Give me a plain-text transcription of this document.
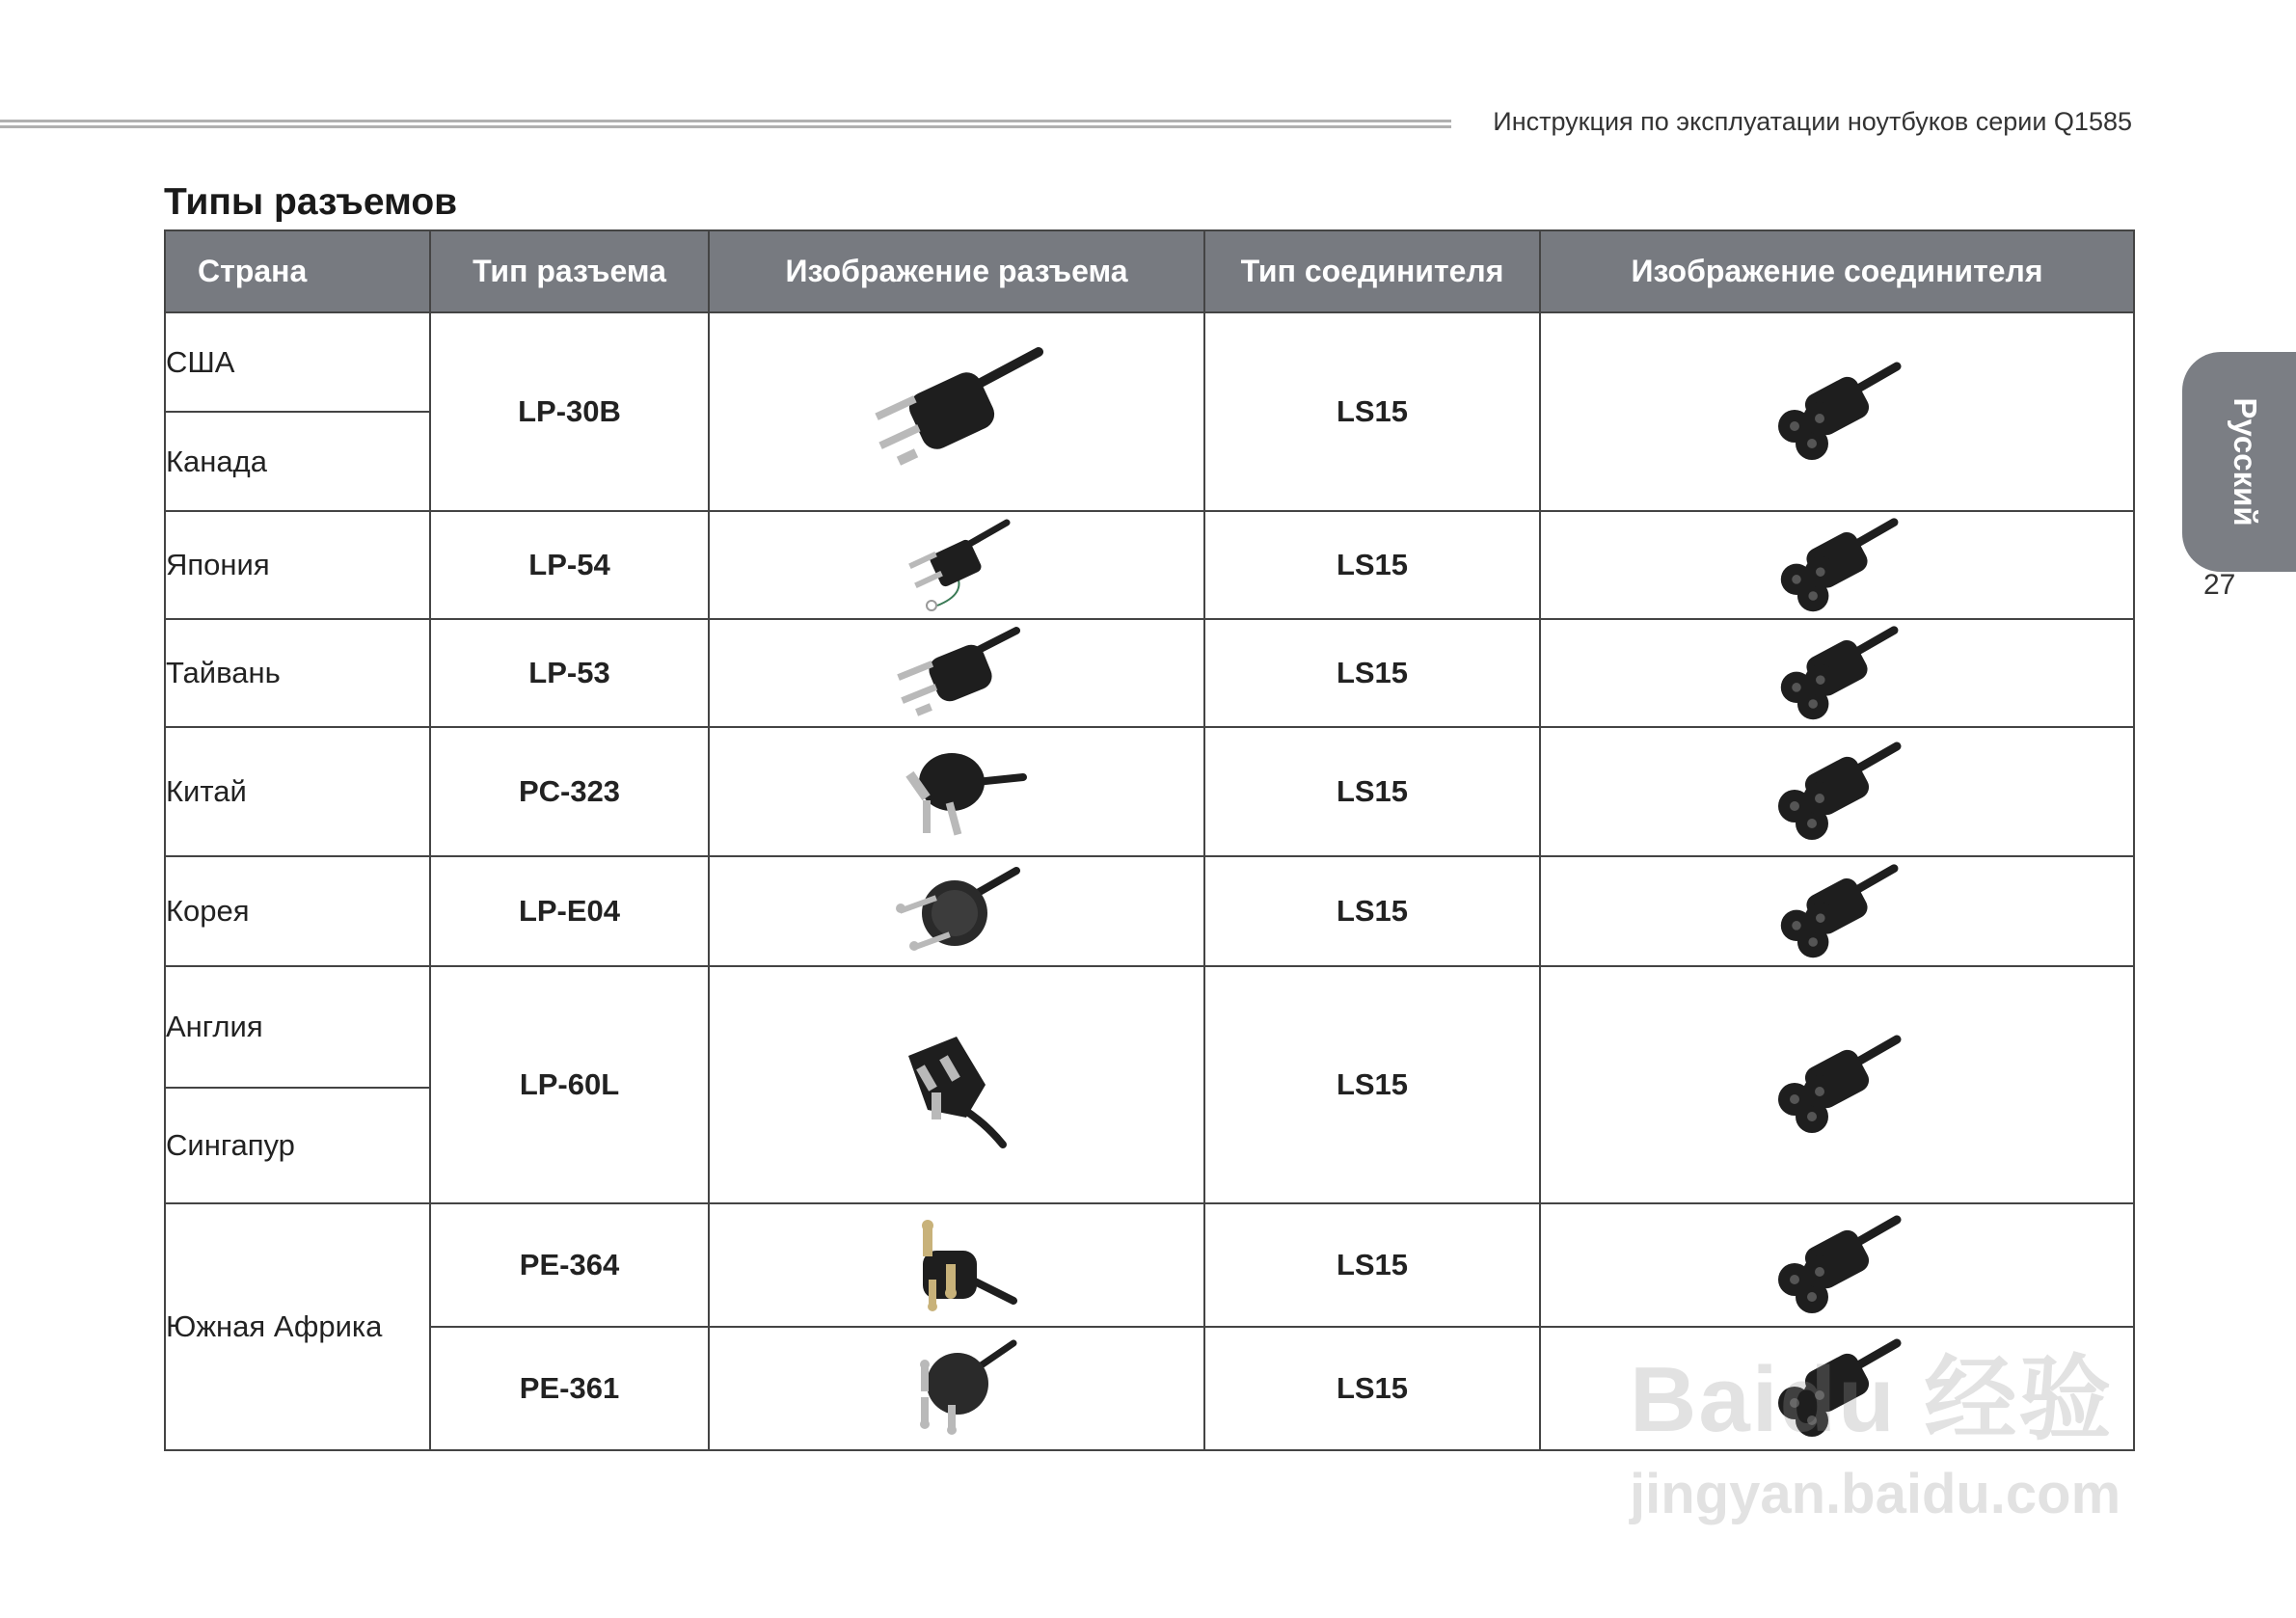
Инструкция по эксплуатации ноутбуков серии Q1585
Типы разъемов
Страна	Тип разъема	Изображение разъема	Тип соединителя	Изображение соединителя
США	LP-30B		LS15	
Канада				
Япония	LP-54		LS15	
Тайвань	LP-53		LS15	
Китай	PC-323		LS15	
Корея	LP-E04		LS15	
Англия	LP-60L		LS15	
Сингапур				
Южная Африка	PE-364		LS15	
	PE-361		LS15	
Русский
27
Baidu 经验
jingyan.baidu.com
